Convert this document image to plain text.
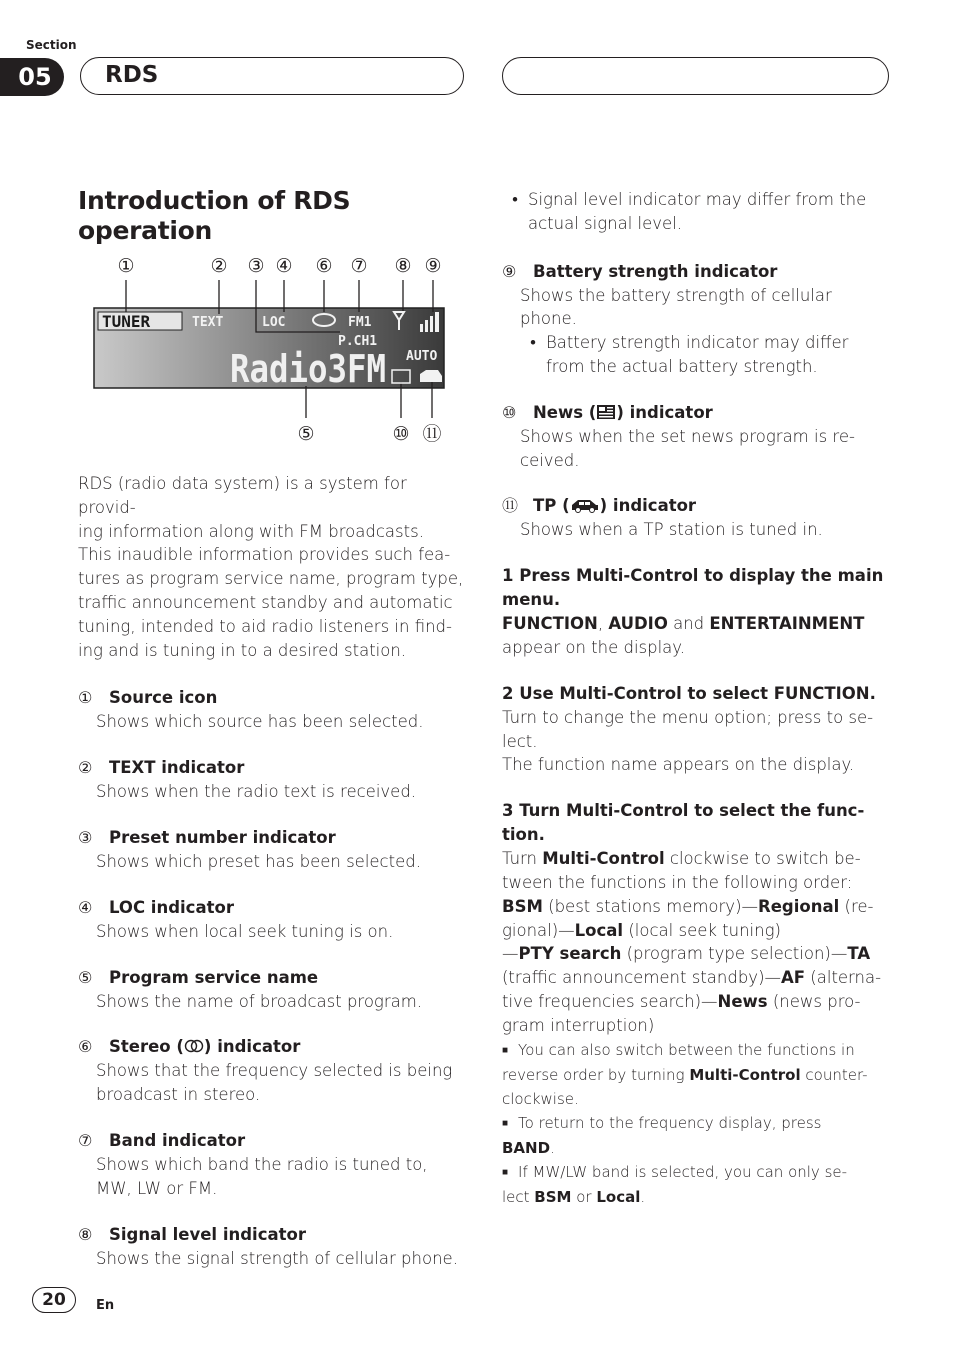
Section
05	RDS
Introduction of RDS operation
①	② ③ ④ ⑥ ⑦ ⑧ ⑨
⑤	⑩ ⑪
TUNER	TEXT	LOC	FM1
P.CH1
Radio3FM AUTO

RDS (radio data system) is a system for provid-
ing information along with FM broadcasts.
This inaudible information provides such fea-
tures as program service name, program type,
traffic announcement standby and automatic
tuning, intended to aid radio listeners in find-
ing and is tuning in to a desired station.

①	Source icon
Shows which source has been selected.
②	TEXT indicator
Shows when the radio text is received.
③	Preset number indicator
Shows which preset has been selected.
④	LOC indicator
Shows when local seek tuning is on.
⑤	Program service name
Shows the name of broadcast program.
⑥	Stereo ( ) indicator
Shows that the frequency selected is being
broadcast in stereo.
⑦	Band indicator
Shows which band the radio is tuned to,
MW, LW or FM.
⑧	Signal level indicator
Shows the signal strength of cellular phone.
• Signal level indicator may differ from the
actual signal level.
⑨	Battery strength indicator
Shows the battery strength of cellular
phone.
• Battery strength indicator may differ
from the actual battery strength.
⑩	News ( ) indicator
Shows when the set news program is re-
ceived.
⑪ TP ( ) indicator
Shows when a TP station is tuned in.
1 Press Multi-Control to display the main
menu.
FUNCTION, AUDIO and ENTERTAINMENT
appear on the display.
2 Use Multi-Control to select FUNCTION.
Turn to change the menu option; press to se-
lect.
The function name appears on the display.
3 Turn Multi-Control to select the func-
tion.
Turn Multi-Control clockwise to switch be-
tween the functions in the following order:
BSM (best stations memory)—Regional (re-
gional)—Local (local seek tuning)
—PTY search (program type selection)—TA
(traffic announcement standby)—AF (alterna-
tive frequencies search)—News (news pro-
gram interruption)
■ You can also switch between the functions in
reverse order by turning Multi-Control counter-
clockwise.
■ To return to the frequency display, press
BAND.
■ If MW/LW band is selected, you can only se-
lect BSM or Local.
20	En
